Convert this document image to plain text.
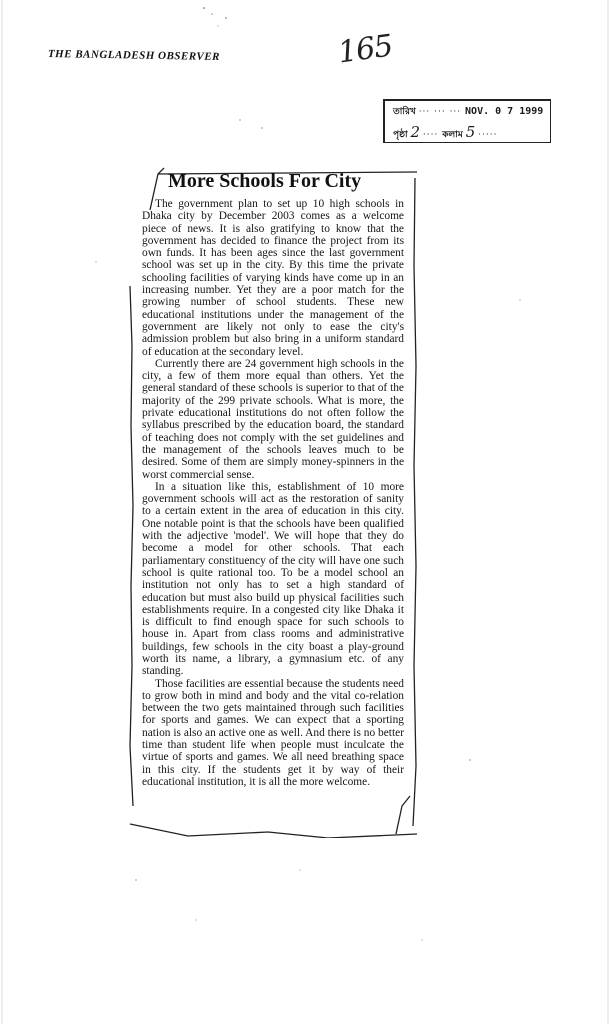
THE BANGLADESH OBSERVER	165
তারিখ ··· ··· ··· NOV. 0 7 1999
পৃষ্ঠা 2 ···· কলাম 5 ·····
More Schools For City

The government plan to set up 10 high schools in Dhaka city by December 2003 comes as a welcome piece of news. It is also gratifying to know that the government has decided to finance the project from its own funds. It has been ages since the last government school was set up in the city. By this time the private schooling facilities of varying kinds have come up in an increasing number. Yet they are a poor match for the growing number of school students. These new educational institutions under the management of the government are likely not only to ease the city's admission problem but also bring in a uniform standard of education at the secondary level.

Currently there are 24 government high schools in the city, a few of them more equal than others. Yet the general standard of these schools is superior to that of the majority of the 299 private schools. What is more, the private educational institutions do not often follow the syllabus prescribed by the education board, the standard of teaching does not comply with the set guidelines and the management of the schools leaves much to be desired. Some of them are simply money-spinners in the worst commercial sense.

In a situation like this, establishment of 10 more government schools will act as the restoration of sanity to a certain extent in the area of education in this city. One notable point is that the schools have been qualified with the adjective 'model'. We will hope that they do become a model for other schools. That each parliamentary constituency of the city will have one such school is quite rational too. To be a model school an institution not only has to set a high standard of education but must also build up physical facilities such establishments require. In a congested city like Dhaka it is difficult to find enough space for such schools to house in. Apart from class rooms and administrative buildings, few schools in the city boast a play-ground worth its name, a library, a gymnasium etc. of any standing.

Those facilities are essential because the students need to grow both in mind and body and the vital co-relation between the two gets maintained through such facilities for sports and games. We can expect that a sporting nation is also an active one as well. And there is no better time than student life when people must inculcate the virtue of sports and games. We all need breathing space in this city. If the students get it by way of their educational institution, it is all the more welcome.
